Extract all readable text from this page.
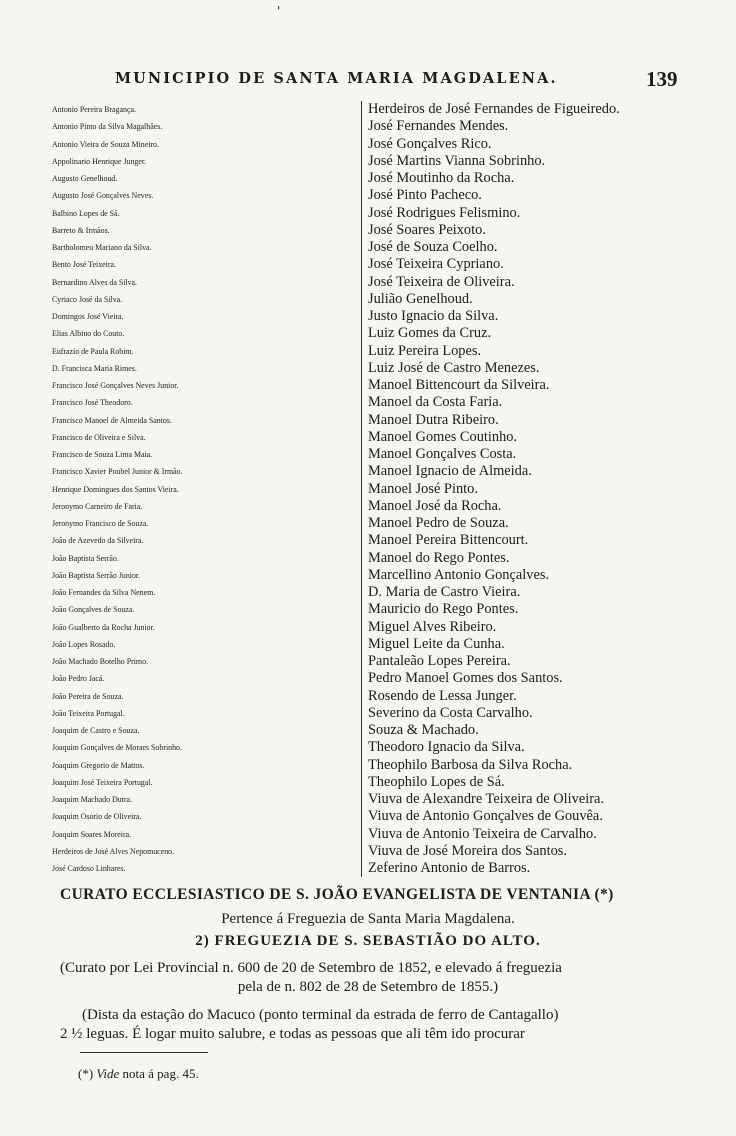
'
MUNICIPIO DE SANTA MARIA MAGDALENA.	139
Antonio Pereira Bragança.
Antonio Pinto da Silva Magalhães.
Antonio Vieira de Souza Mineiro.
Appolinario Henrique Junger.
Augusto Genelhoud.
Augusto José Gonçalves Neves.
Balbino Lopes de Sá.
Barreto & Irmãos.
Bartholomeu Mariano da Silva.
Bento José Teixeira.
Bernardino Alves da Silva.
Cyriaco José da Silva.
Domingos José Vieira.
Elias Albino do Couto.
Eufrazio de Paula Robim.
D. Francisca Maria Rimes.
Francisco José Gonçalves Neves Junior.
Francisco José Theodoro.
Francisco Manoel de Almeida Santos.
Francisco de Oliveira e Silva.
Francisco de Souza Lima Maia.
Francisco Xavier Poubel Junior & Irmão.
Henrique Domingues dos Santos Vieira.
Jeronymo Carneiro de Faria.
Jeronymo Francisco de Souza.
João de Azevedo da Silveira.
João Baptista Serrão.
João Baptista Serrão Junior.
João Fernandes da Silva Nenem.
João Gonçalves de Souza.
João Gualberto da Rocha Junior.
João Lopes Rosado.
João Machado Botelho Primo.
João Pedro Jacá.
João Pereira de Souza.
João Teixeira Portugal.
Joaquim de Castro e Souza.
Joaquim Gonçalves de Moraes Sobrinho.
Joaquim Gregorio de Mattos.
Joaquim José Teixeira Portugal.
Joaquim Machado Dutra.
Joaquim Osorio de Oliveira.
Joaquim Soares Moreira.
Herdeiros de José Alves Nepomuceno.
José Cardoso Linhares.
Herdeiros de José Fernandes de Figueiredo.
José Fernandes Mendes.
José Gonçalves Rico.
José Martins Vianna Sobrinho.
José Moutinho da Rocha.
José Pinto Pacheco.
José Rodrigues Felismino.
José Soares Peixoto.
José de Souza Coelho.
José Teixeira Cypriano.
José Teixeira de Oliveira.
Julião Genelhoud.
Justo Ignacio da Silva.
Luiz Gomes da Cruz.
Luiz Pereira Lopes.
Luiz José de Castro Menezes.
Manoel Bittencourt da Silveira.
Manoel da Costa Faria.
Manoel Dutra Ribeiro.
Manoel Gomes Coutinho.
Manoel Gonçalves Costa.
Manoel Ignacio de Almeida.
Manoel José Pinto.
Manoel José da Rocha.
Manoel Pedro de Souza.
Manoel Pereira Bittencourt.
Manoel do Rego Pontes.
Marcellino Antonio Gonçalves.
D. Maria de Castro Vieira.
Mauricio do Rego Pontes.
Miguel Alves Ribeiro.
Miguel Leite da Cunha.
Pantaleão Lopes Pereira.
Pedro Manoel Gomes dos Santos.
Rosendo de Lessa Junger.
Severino da Costa Carvalho.
Souza & Machado.
Theodoro Ignacio da Silva.
Theophilo Barbosa da Silva Rocha.
Theophilo Lopes de Sá.
Viuva de Alexandre Teixeira de Oliveira.
Viuva de Antonio Gonçalves de Gouvêa.
Viuva de Antonio Teixeira de Carvalho.
Viuva de José Moreira dos Santos.
Zeferino Antonio de Barros.
CURATO ECCLESIASTICO DE S. JOÃO EVANGELISTA DE VENTANIA (*)
Pertence á Freguezia de Santa Maria Magdalena.
2) FREGUEZIA DE S. SEBASTIÃO DO ALTO.
(Curato por Lei Provincial n. 600 de 20 de Setembro de 1852, e elevado á freguezia
pela de n. 802 de 28 de Setembro de 1855.)
(Dista da estação do Macuco (ponto terminal da estrada de ferro de Cantagallo)
2 ½ leguas. É logar muito salubre, e todas as pessoas que ali têm ido procurar
(*) Vide nota á pag. 45.
